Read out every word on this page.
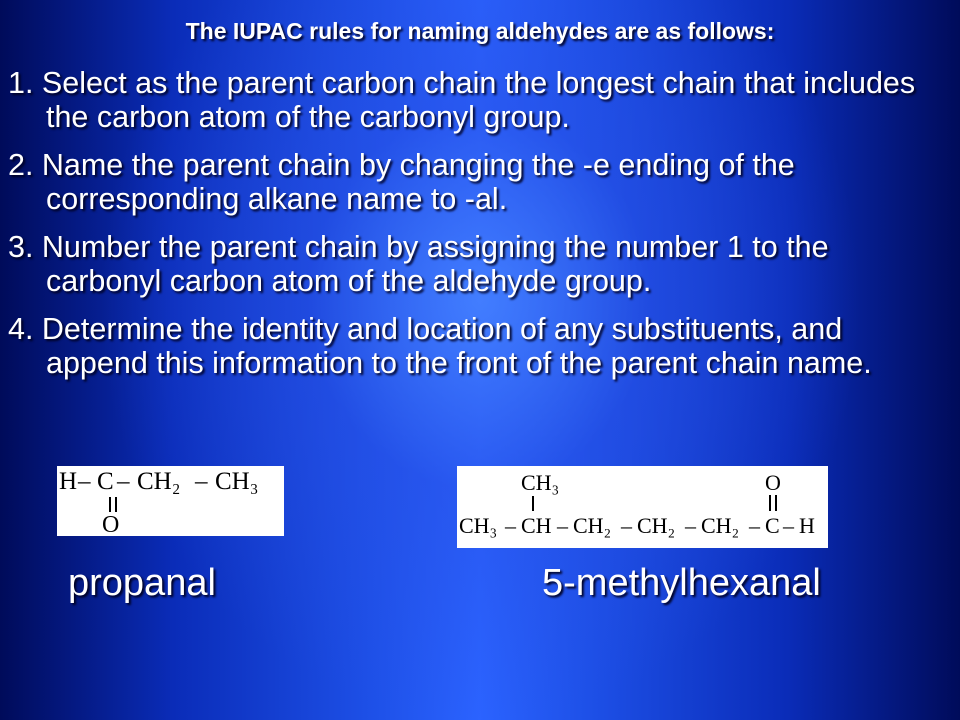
The IUPAC rules for naming aldehydes are as follows:
1. Select as the parent carbon chain the longest chain that includes the carbon atom of the carbonyl group.
2. Name the parent chain by changing the -e ending of the corresponding alkane name to -al.
3. Number the parent chain by assigning the number 1 to the carbonyl carbon atom of the aldehyde group.
4. Determine the identity and location of any substituents, and append this information to the front of the parent chain name.
H – C – CH₂ – CH₃
O
CH₃	O
CH₃ – CH – CH₂ – CH₂ – CH₂ – C – H
propanal	5-methylhexanal
